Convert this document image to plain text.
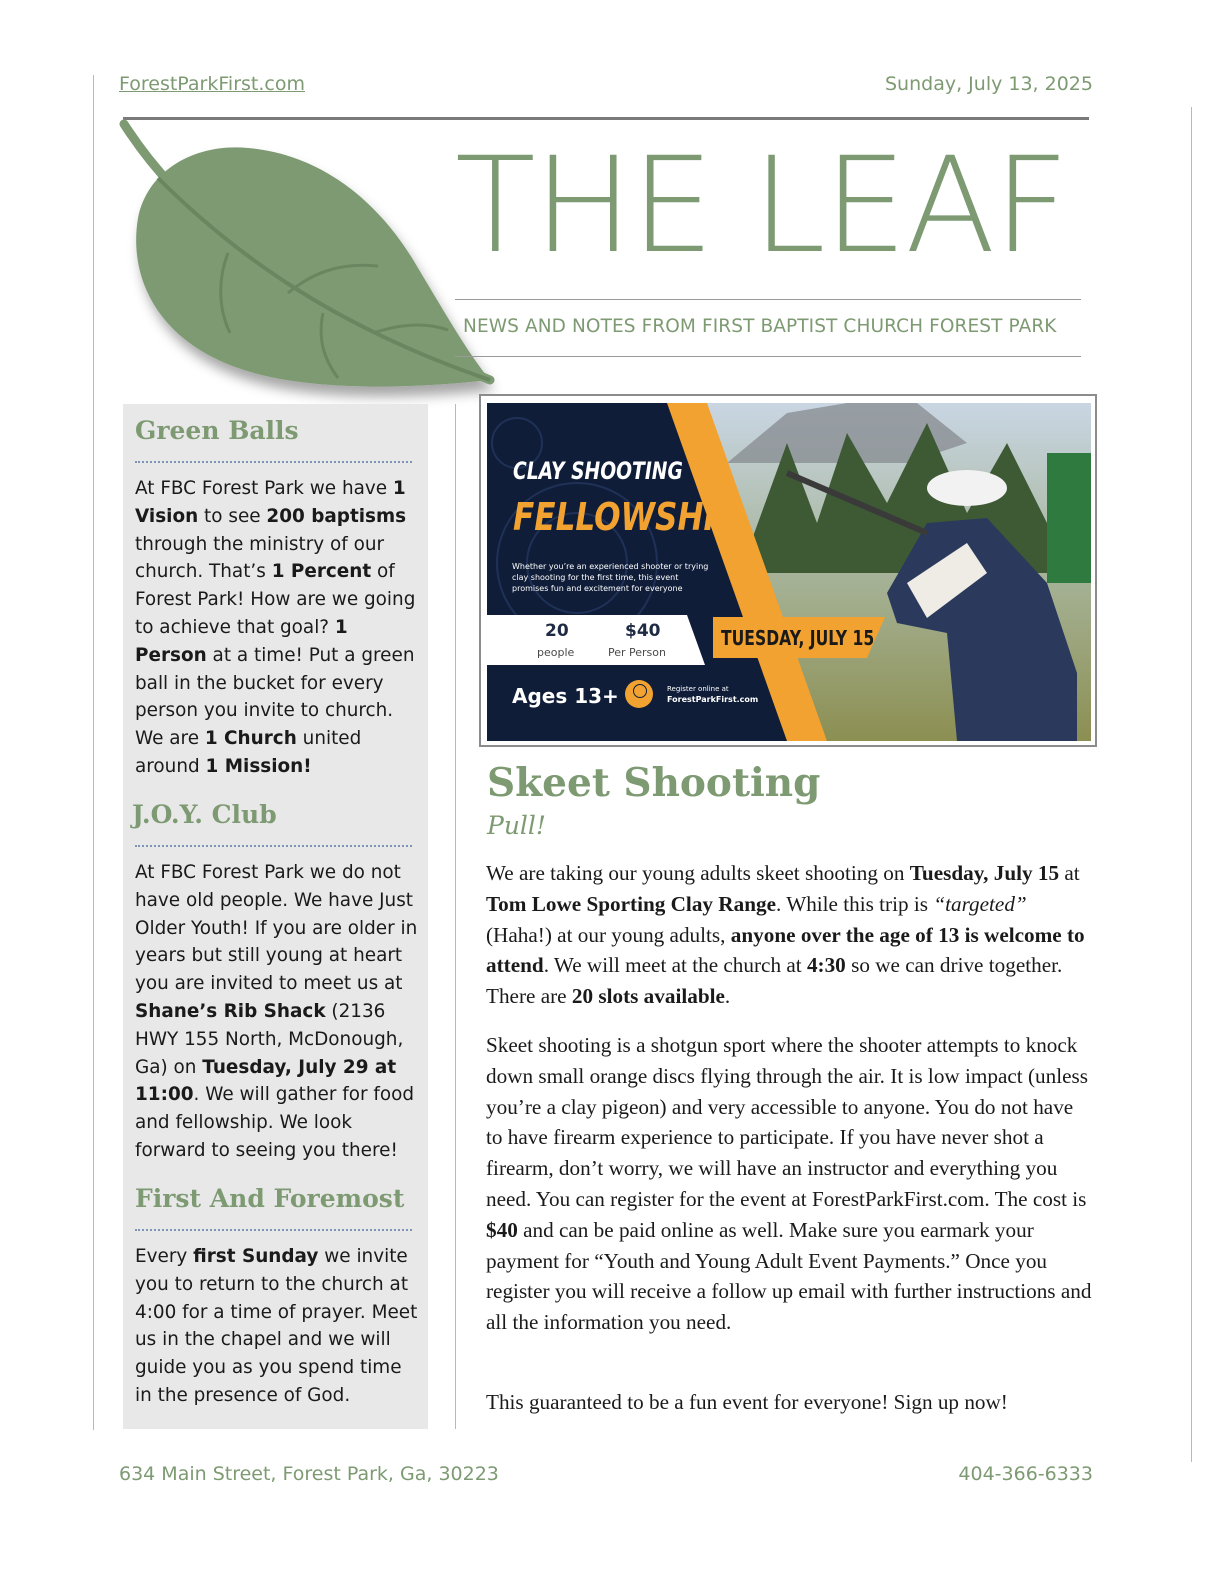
ForestParkFirst.com	Sunday, July 13, 2025
THE LEAF
NEWS AND NOTES FROM FIRST BAPTIST CHURCH FOREST PARK
Green Balls
At FBC Forest Park we have 1 Vision to see 200 baptisms through the ministry of our church. That’s 1 Percent of Forest Park! How are we going to achieve that goal? 1 Person at a time! Put a green ball in the bucket for every person you invite to church. We are 1 Church united around 1 Mission!
J.O.Y. Club
At FBC Forest Park we do not have old people. We have Just Older Youth! If you are older in years but still young at heart you are invited to meet us at Shane’s Rib Shack (2136 HWY 155 North, McDonough, Ga) on Tuesday, July 29 at 11:00. We will gather for food and fellowship. We look forward to seeing you there!
First And Foremost
Every first Sunday we invite you to return to the church at 4:00 for a time of prayer. Meet us in the chapel and we will guide you as you spend time in the presence of God.
CLAY SHOOTING
FELLOWSHIP
Whether you’re an experienced shooter or trying clay shooting for the first time, this event promises fun and excitement for everyone
20
people
$40
Per Person
TUESDAY, JULY 15
Ages 13+	Register online at
ForestParkFirst.com
Skeet Shooting
Pull!
We are taking our young adults skeet shooting on Tuesday, July 15 at Tom Lowe Sporting Clay Range. While this trip is “targeted” (Haha!) at our young adults, anyone over the age of 13 is welcome to attend. We will meet at the church at 4:30 so we can drive together. There are 20 slots available.
Skeet shooting is a shotgun sport where the shooter attempts to knock down small orange discs flying through the air. It is low impact (unless you’re a clay pigeon) and very accessible to anyone. You do not have to have firearm experience to participate. If you have never shot a firearm, don’t worry, we will have an instructor and everything you need. You can register for the event at ForestParkFirst.com. The cost is $40 and can be paid online as well. Make sure you earmark your payment for “Youth and Young Adult Event Payments.” Once you register you will receive a follow up email with further instructions and all the information you need.
This guaranteed to be a fun event for everyone! Sign up now!
634 Main Street, Forest Park, Ga, 30223	404-366-6333
